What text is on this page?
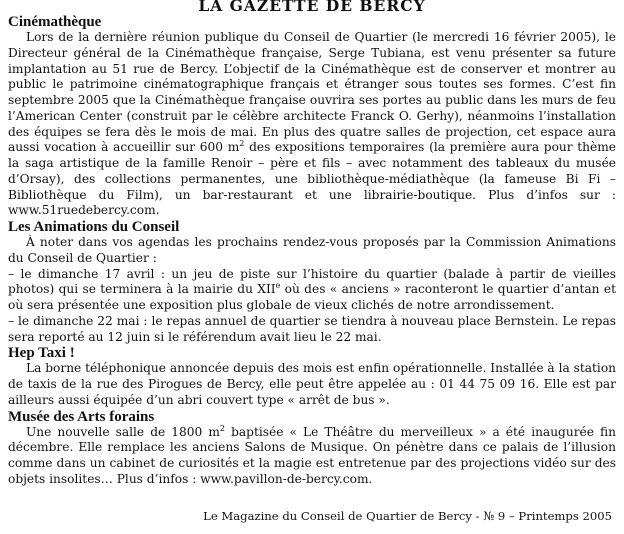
LA GAZETTE DE BERCY
Cinémathèque

Lors de la dernière réunion publique du Conseil de Quartier (le mercredi 16 février 2005), le Directeur général de la Cinémathèque française, Serge Tubiana, est venu présenter sa future implantation au 51 rue de Bercy. L’objectif de la Cinémathèque est de conserver et montrer au public le patrimoine cinématographique français et étranger sous toutes ses formes. C’est fin septembre 2005 que la Cinémathèque française ouvrira ses portes au public dans les murs de feu l’American Center (construit par le célèbre architecte Franck O. Gerhy), néanmoins l’installation des équipes se fera dès le mois de mai. En plus des quatre salles de projection, cet espace aura aussi vocation à accueillir sur 600 $m^2$ des expositions temporaires (la première aura pour thème la saga artistique de la famille Renoir – père et fils – avec notamment des tableaux du musée d’Orsay), des collections permanentes, une bibliothèque-médiathèque (la fameuse Bi Fi – Bibliothèque du Film), un bar-restaurant et une librairie-boutique. Plus d’infos sur : www.51ruedebercy.com.

Les Animations du Conseil

À noter dans vos agendas les prochains rendez-vous proposés par la Commission Animations du Conseil de Quartier :

– le dimanche 17 avril : un jeu de piste sur l’histoire du quartier (balade à partir de vieilles photos) qui se terminera à la mairie du XIIe où des « anciens » raconteront le quartier d’antan et où sera présentée une exposition plus globale de vieux clichés de notre arrondissement.

– le dimanche 22 mai : le repas annuel de quartier se tiendra à nouveau place Bernstein. Le repas sera reporté au 12 juin si le référendum avait lieu le 22 mai.

Hep Taxi !

La borne téléphonique annoncée depuis des mois est enfin opérationnelle. Installée à la station de taxis de la rue des Pirogues de Bercy, elle peut être appelée au : 01 44 75 09 16. Elle est par ailleurs aussi équipée d’un abri couvert type « arrêt de bus ».

Musée des Arts forains

Une nouvelle salle de 1800 $m^2$ baptisée « Le Théâtre du merveilleux » a été inaugurée fin décembre. Elle remplace les anciens Salons de Musique. On pénètre dans ce palais de l’illusion comme dans un cabinet de curiosités et la magie est entretenue par des projections vidéo sur des objets insolites… Plus d’infos : www.pavillon-de-bercy.com.

Le Magazine du Conseil de Quartier de Bercy - № 9 – Printemps 2005
